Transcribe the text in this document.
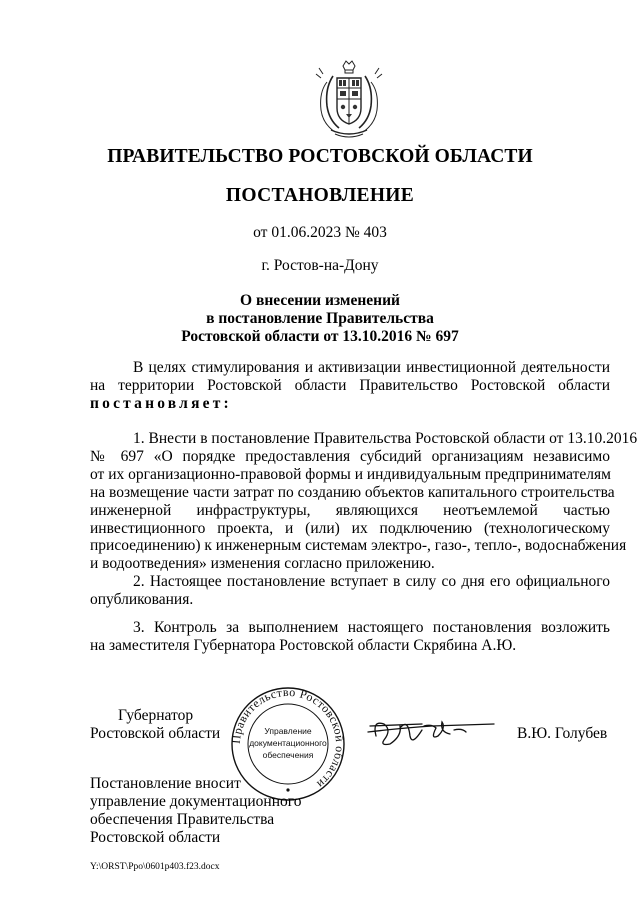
ПРАВИТЕЛЬСТВО РОСТОВСКОЙ ОБЛАСТИ
ПОСТАНОВЛЕНИЕ
от 01.06.2023 № 403
г. Ростов-на-Дону
О внесении изменений
в постановление Правительства
Ростовской области от 13.10.2016 № 697
В целях стимулирования и активизации инвестиционной деятельности
на территории Ростовской области Правительство Ростовской области
постановляет:
1. Внести в постановление Правительства Ростовской области от 13.10.2016
№ 697 «О порядке предоставления субсидий организациям независимо
от их организационно-правовой формы и индивидуальным предпринимателям
на возмещение части затрат по созданию объектов капитального строительства
инженерной инфраструктуры, являющихся неотъемлемой частью
инвестиционного проекта, и (или) их подключению (технологическому
присоединению) к инженерным системам электро-, газо-, тепло-, водоснабжения
и водоотведения» изменения согласно приложению.
2. Настоящее постановление вступает в силу со дня его официального
опубликования.
3. Контроль за выполнением настоящего постановления возложить
на заместителя Губернатора Ростовской области Скрябина А.Ю.
Губернатор
Ростовской области	В.Ю. Голубев
Правительство Ростовской области
Управление
документационного
обеспечения
Постановление вносит
управление документационного
обеспечения Правительства
Ростовской области
Y:\ORST\Ppo\0601p403.f23.docx
